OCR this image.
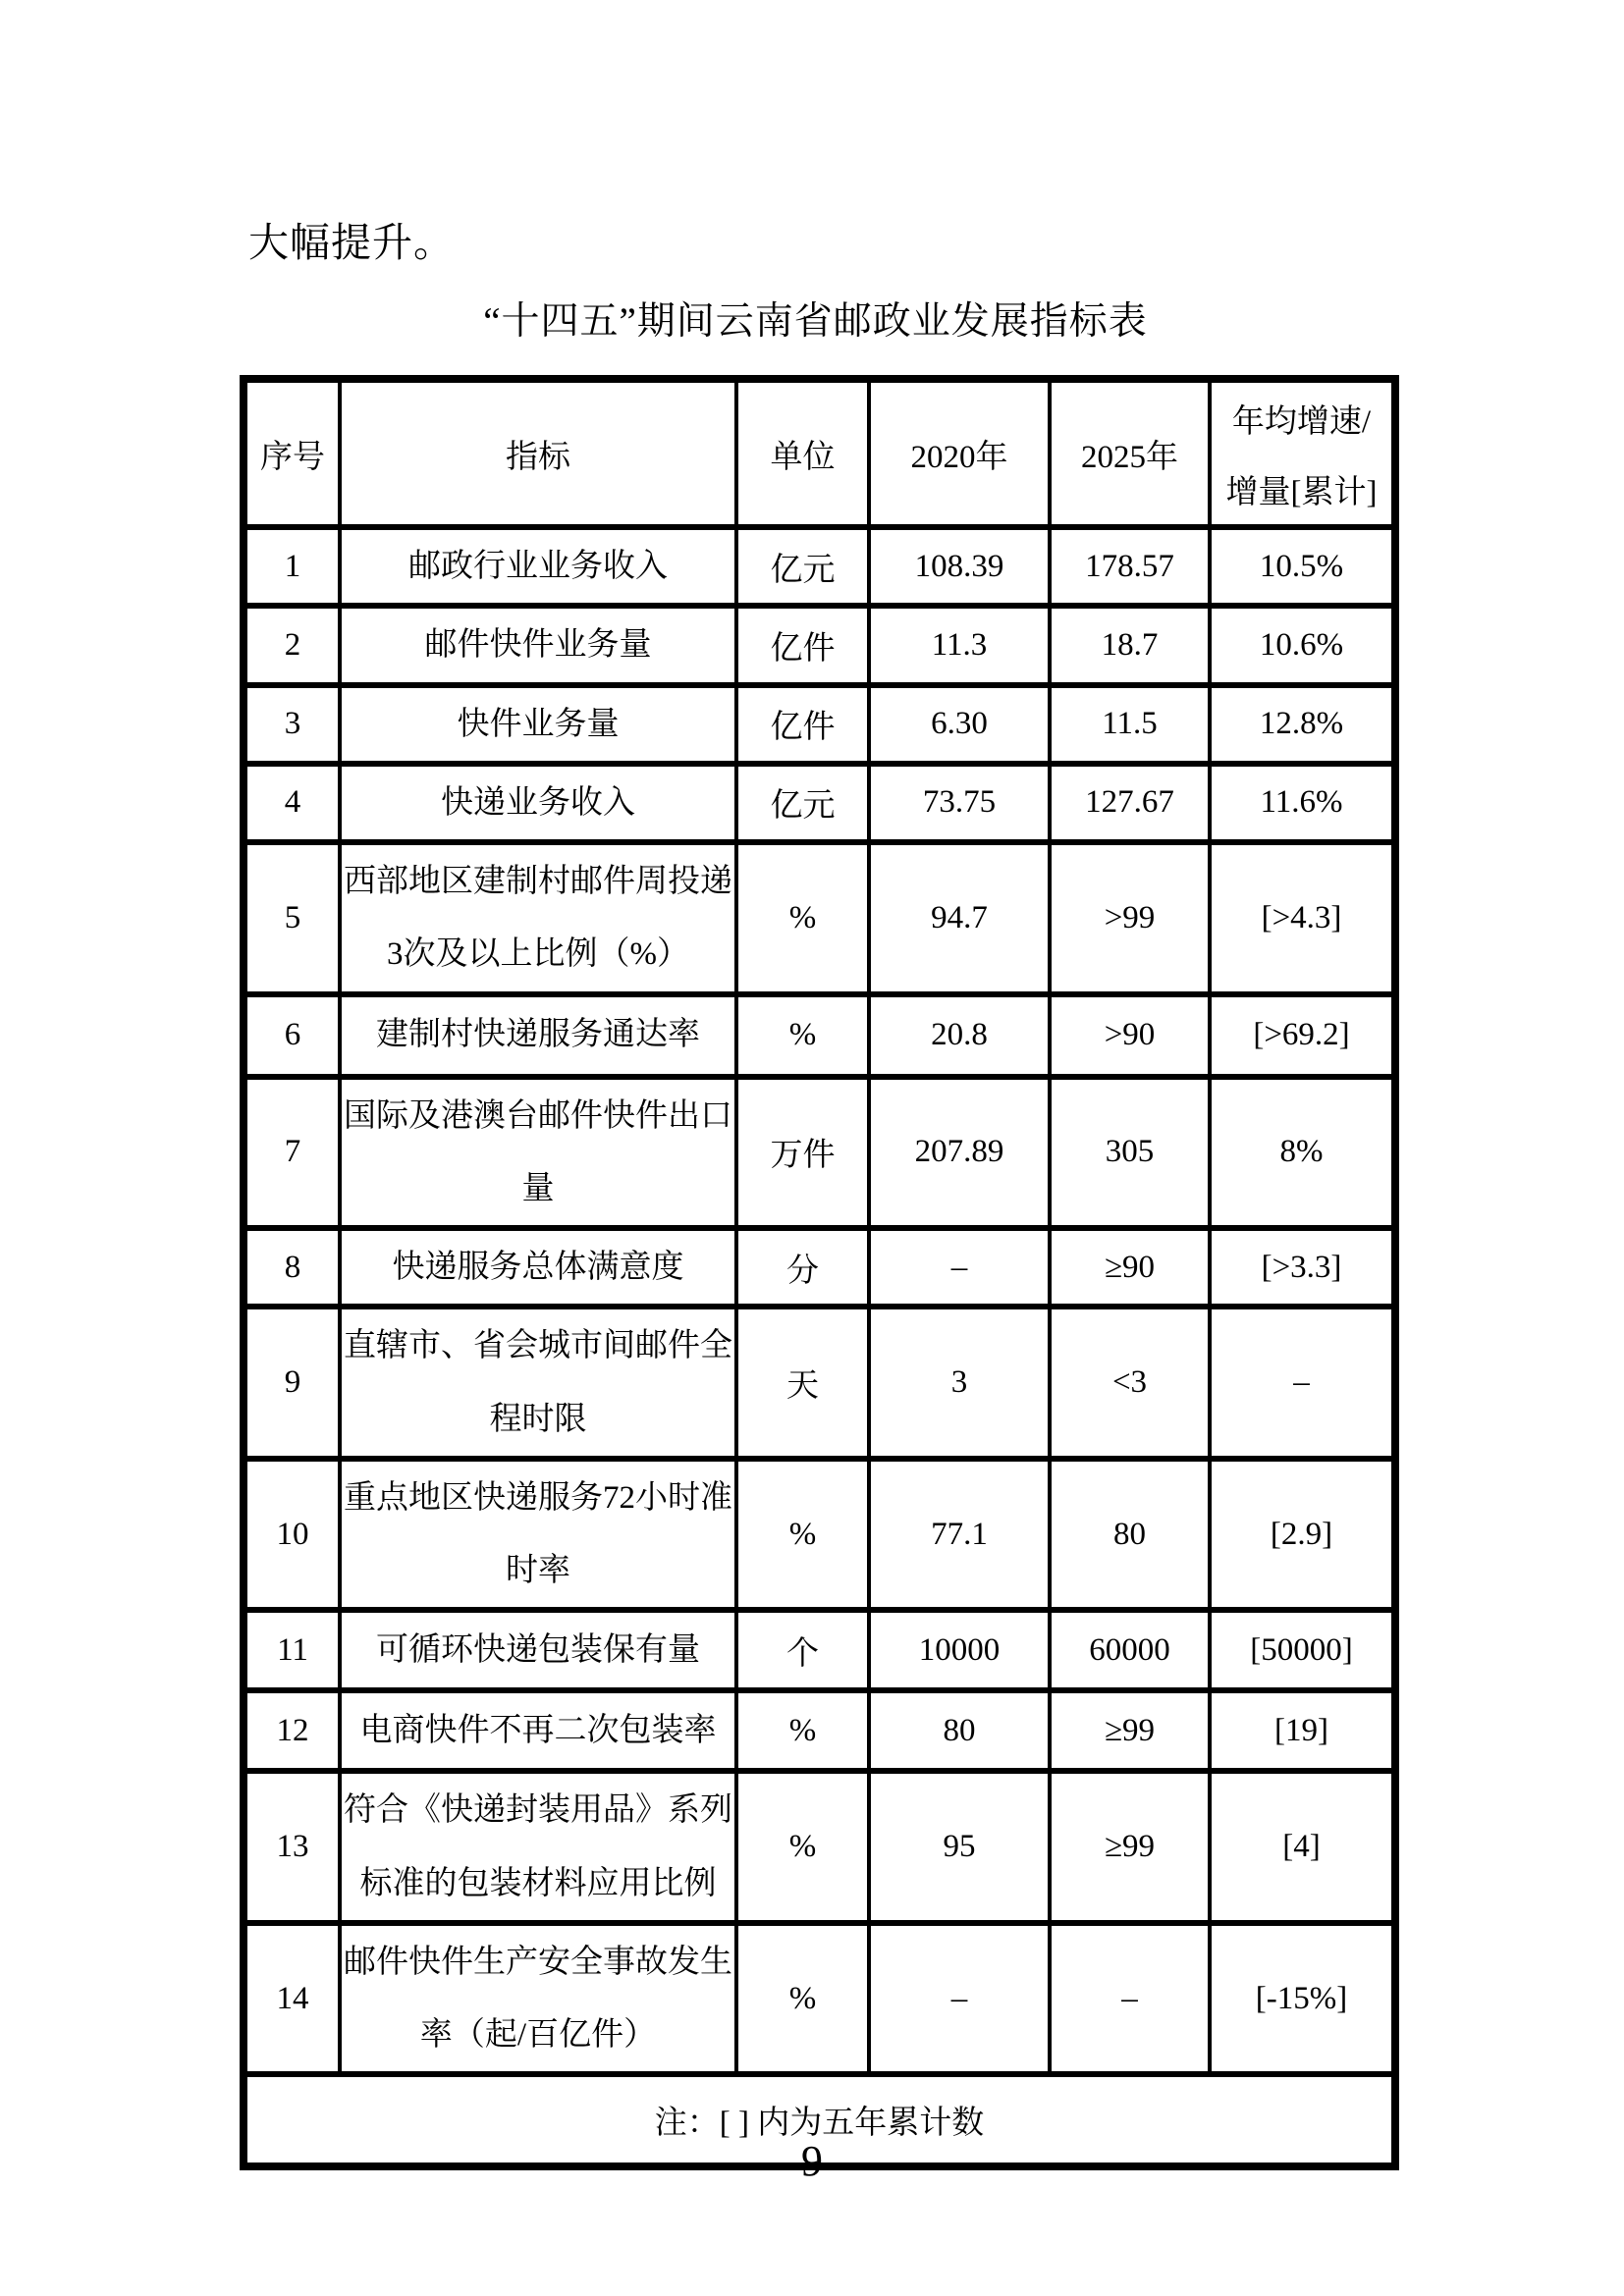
大幅提升。
“十四五”期间云南省邮政业发展指标表
序号	指标	单位	2020年	2025年	年均增速/
增量[累计]

1	邮政行业业务收入	亿元	108.39	178.57	10.5%
2	邮件快件业务量	亿件	11.3	18.7	10.6%
3	快件业务量	亿件	6.30	11.5	12.8%
4	快递业务收入	亿元	73.75	127.67	11.6%
5	西部地区建制村邮件周投递3次及以上比例（%）	%	94.7	>99	[>4.3]
6	建制村快递服务通达率	%	20.8	>90	[>69.2]
7	国际及港澳台邮件快件出口量	万件	207.89	305	8%
8	快递服务总体满意度	分	–	≥90	[>3.3]
9	直辖市、省会城市间邮件全程时限	天	3	<3	–
10	重点地区快递服务72小时准时率	%	77.1	80	[2.9]
11	可循环快递包装保有量	个	10000	60000	[50000]
12	电商快件不再二次包装率	%	80	≥99	[19]
13	符合《快递封装用品》系列标准的包装材料应用比例	%	95	≥99	[4]
14	邮件快件生产安全事故发生率（起/百亿件）	%	–	–	[-15%]
注：[ ] 内为五年累计数					
9
